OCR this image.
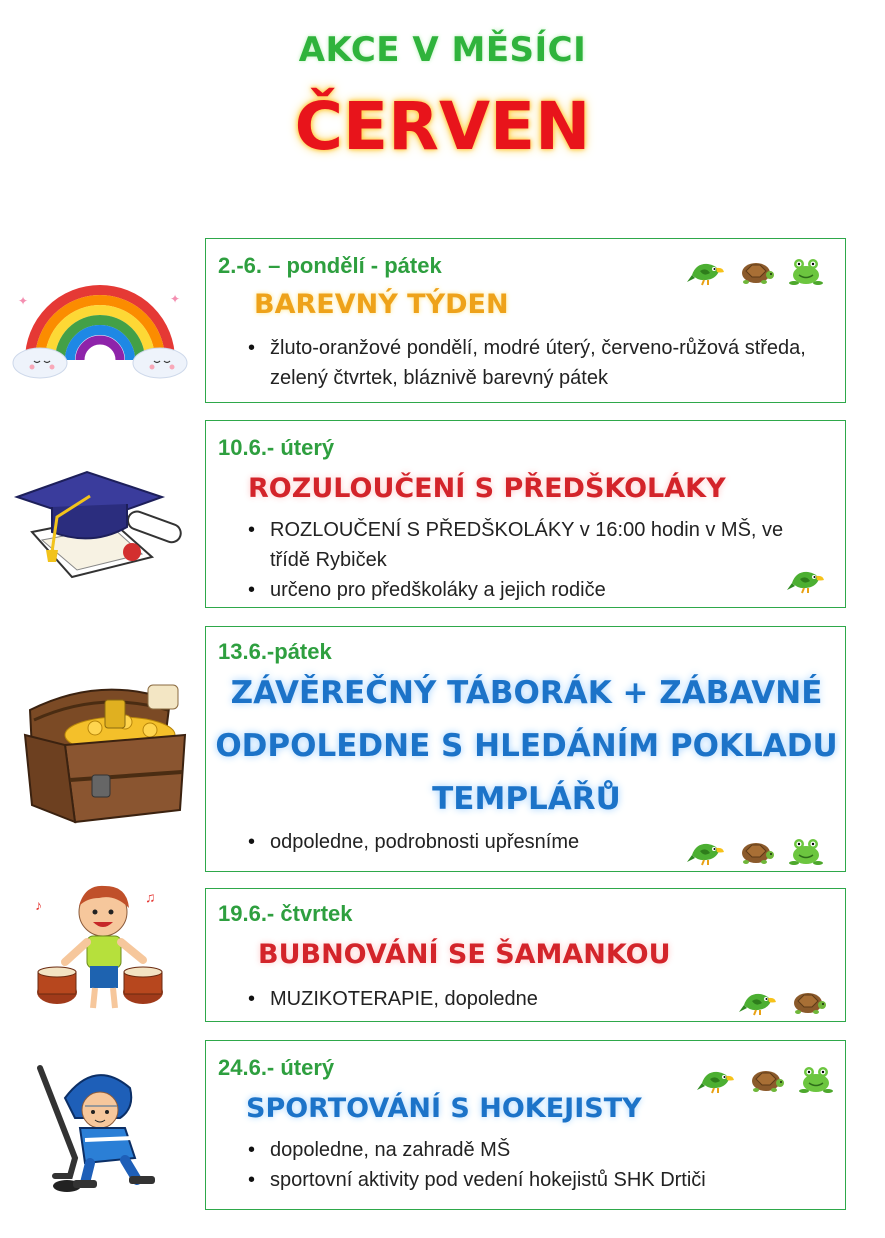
AKCE V MĚSÍCI
ČERVEN
✦	✦
2.-6. – pondělí - pátek
BAREVNÝ TÝDEN
• žluto-oranžové pondělí, modré úterý, červeno-růžová středa, zelený čtvrtek, bláznivě barevný pátek
10.6.- úterý
ROZULOUČENÍ S PŘEDŠKOLÁKY
• ROZLOUČENÍ S PŘEDŠKOLÁKY v 16:00 hodin v MŠ, ve třídě Rybiček
• určeno pro předškoláky a jejich rodiče
13.6.-pátek
ZÁVĚREČNÝ TÁBORÁK + ZÁBAVNÉ
ODPOLEDNE S HLEDÁNÍM POKLADU
TEMPLÁŘŮ
• odpoledne, podrobnosti upřesníme
♪	♫
19.6.- čtvrtek
BUBNOVÁNÍ SE ŠAMANKOU
• MUZIKOTERAPIE, dopoledne
24.6.- úterý
SPORTOVÁNÍ S HOKEJISTY
• dopoledne, na zahradě MŠ
• sportovní aktivity pod vedení hokejistů SHK Drtiči
